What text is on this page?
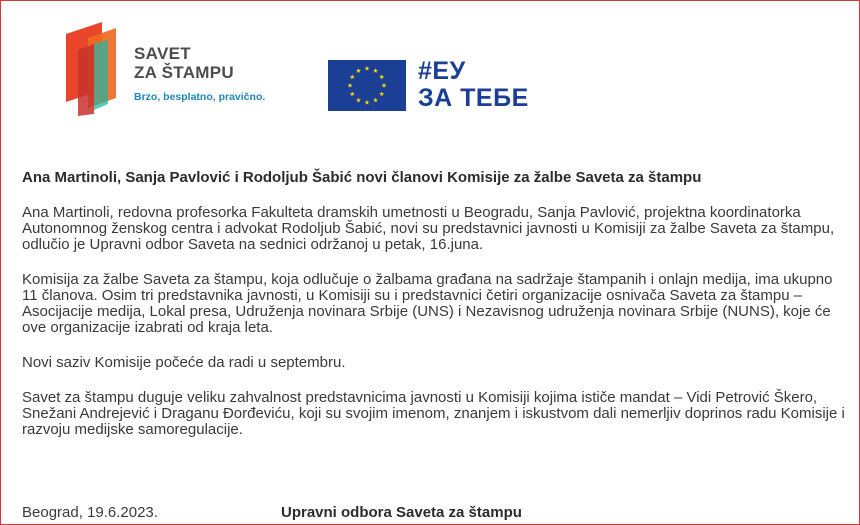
SAVET
ZA ŠTAMPU
Brzo, besplatno, pravično.
#ЕУ
ЗА ТЕБЕ

Ana Martinoli, Sanja Pavlović i Rodoljub Šabić novi članovi Komisije za žalbe Saveta za štampu

Ana Martinoli, redovna profesorka Fakulteta dramskih umetnosti u Beogradu, Sanja Pavlović, projektna koordinatorka Autonomnog ženskog centra i advokat Rodoljub Šabić, novi su predstavnici javnosti u Komisiji za žalbe Saveta za štampu, odlučio je Upravni odbor Saveta na sednici održanoj u petak, 16.juna.

Komisija za žalbe Saveta za štampu, koja odlučuje o žalbama građana na sadržaje štampanih i onlajn medija, ima ukupno 11 članova. Osim tri predstavnika javnosti, u Komisiji su i predstavnici četiri organizacije osnivača Saveta za štampu – Asocijacije medija, Lokal presa, Udruženja novinara Srbije (UNS) i Nezavisnog udruženja novinara Srbije (NUNS), koje će ove organizacije izabrati od kraja leta.

Novi saziv Komisije počeće da radi u septembru.

Savet za štampu duguje veliku zahvalnost predstavnicima javnosti u Komisiji kojima ističe mandat – Vidi Petrović Škero, Snežani Andrejević i Draganu Đorđeviću, koji su svojim imenom, znanjem i iskustvom dali nemerljiv doprinos radu Komisije i razvoju medijske samoregulacije.

Beograd, 19.6.2023.	Upravni odbora Saveta za štampu
